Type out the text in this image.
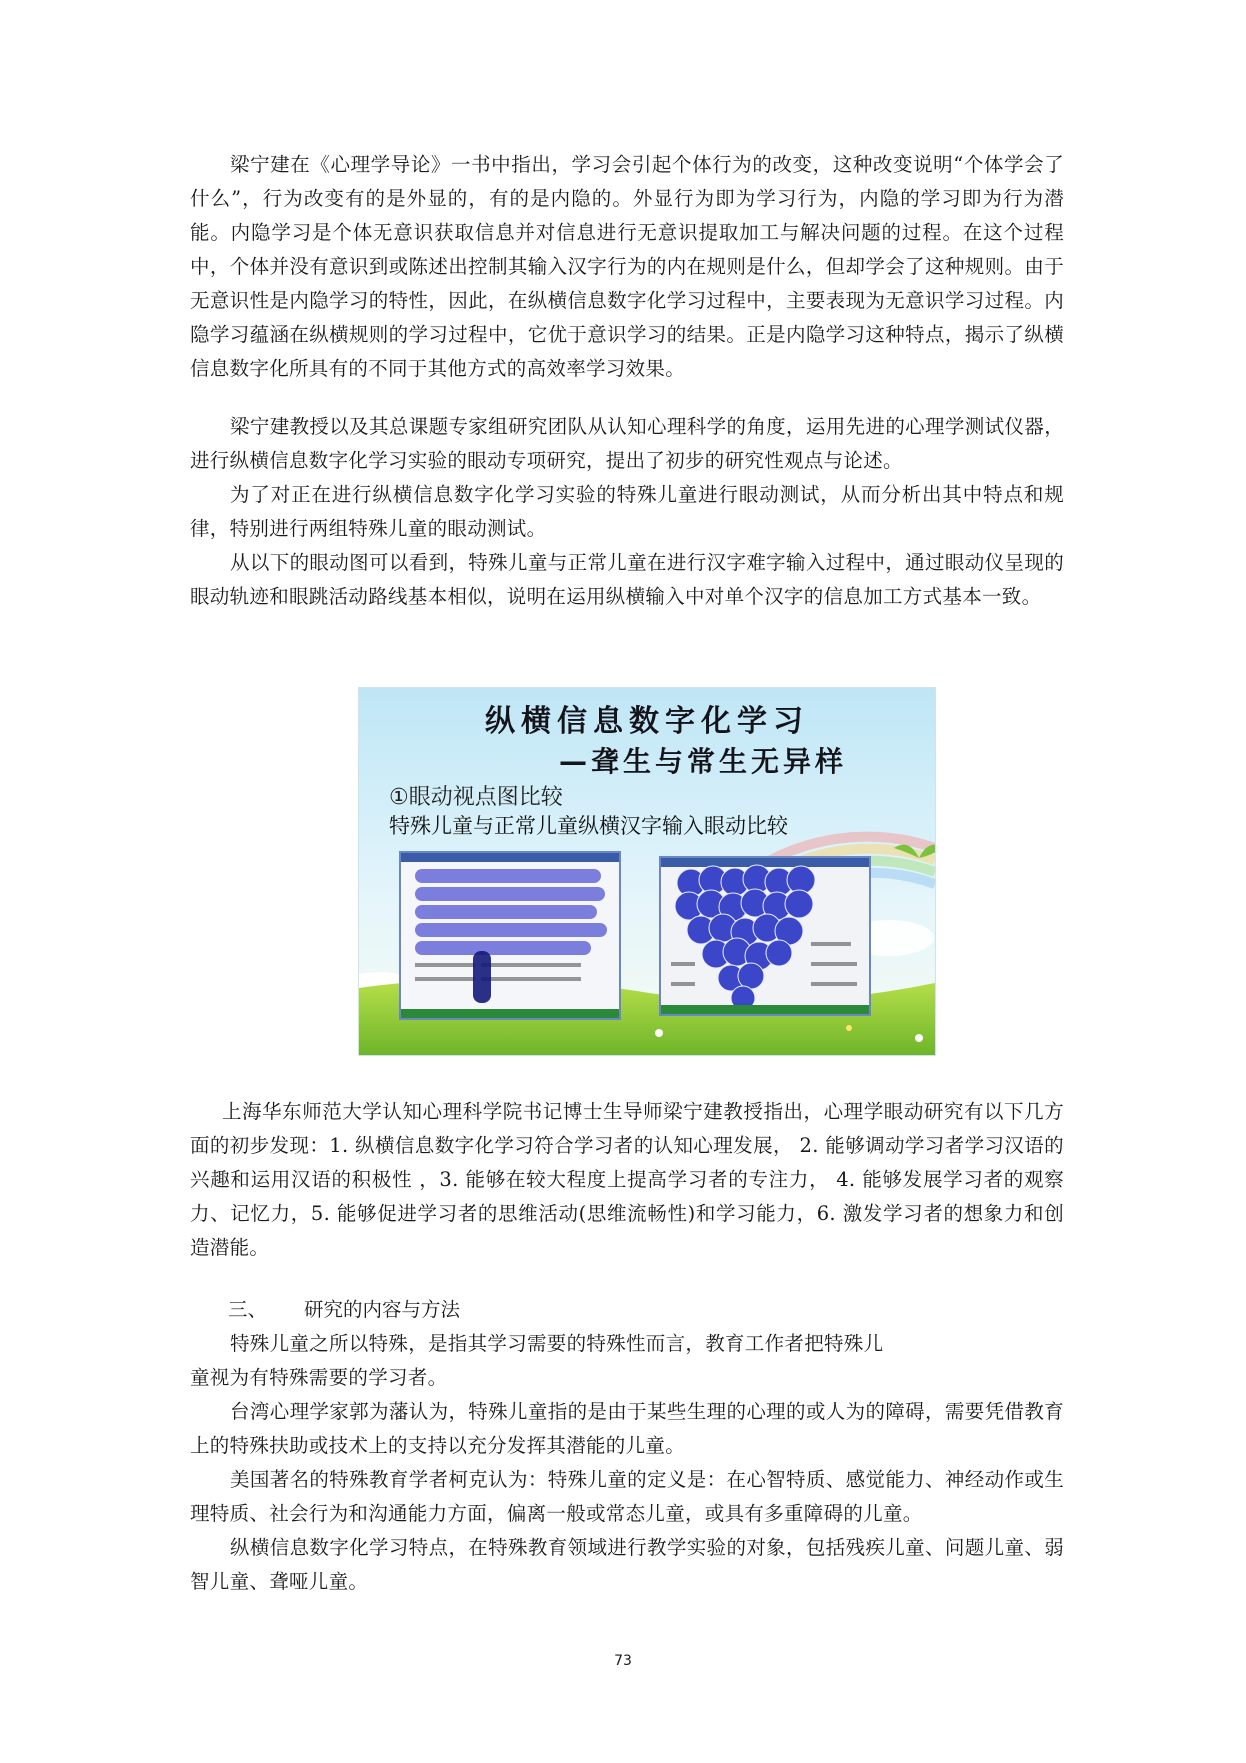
梁宁建在《心理学导论》一书中指出，学习会引起个体行为的改变，这种改变说明“个体学会了什么”，行为改变有的是外显的，有的是内隐的。外显行为即为学习行为，内隐的学习即为行为潜能。内隐学习是个体无意识获取信息并对信息进行无意识提取加工与解决问题的过程。在这个过程中，个体并没有意识到或陈述出控制其输入汉字行为的内在规则是什么，但却学会了这种规则。由于无意识性是内隐学习的特性，因此，在纵横信息数字化学习过程中，主要表现为无意识学习过程。内隐学习蕴涵在纵横规则的学习过程中，它优于意识学习的结果。正是内隐学习这种特点，揭示了纵横信息数字化所具有的不同于其他方式的高效率学习效果。

梁宁建教授以及其总课题专家组研究团队从认知心理科学的角度，运用先进的心理学测试仪器，进行纵横信息数字化学习实验的眼动专项研究，提出了初步的研究性观点与论述。

为了对正在进行纵横信息数字化学习实验的特殊儿童进行眼动测试，从而分析出其中特点和规律，特别进行两组特殊儿童的眼动测试。

从以下的眼动图可以看到，特殊儿童与正常儿童在进行汉字难字输入过程中，通过眼动仪呈现的眼动轨迹和眼跳活动路线基本相似，说明在运用纵横输入中对单个汉字的信息加工方式基本一致。

纵横信息数字化学习
—聋生与常生无异样
①眼动视点图比较
特殊儿童与正常儿童纵横汉字输入眼动比较

上海华东师范大学认知心理科学院书记博士生导师梁宁建教授指出，心理学眼动研究有以下几方面的初步发现：1. 纵横信息数字化学习符合学习者的认知心理发展， 2. 能够调动学习者学习汉语的兴趣和运用汉语的积极性 ，3. 能够在较大程度上提高学习者的专注力， 4. 能够发展学习者的观察力、记忆力，5. 能够促进学习者的思维活动(思维流畅性)和学习能力，6. 激发学习者的想象力和创造潜能。

三、 研究的内容与方法

特殊儿童之所以特殊，是指其学习需要的特殊性而言，教育工作者把特殊儿

童视为有特殊需要的学习者。

台湾心理学家郭为藩认为，特殊儿童指的是由于某些生理的心理的或人为的障碍，需要凭借教育上的特殊扶助或技术上的支持以充分发挥其潜能的儿童。

美国著名的特殊教育学者柯克认为：特殊儿童的定义是：在心智特质、感觉能力、神经动作或生理特质、社会行为和沟通能力方面，偏离一般或常态儿童，或具有多重障碍的儿童。

纵横信息数字化学习特点，在特殊教育领域进行教学实验的对象，包括残疾儿童、问题儿童、弱智儿童、聋哑儿童。

73
